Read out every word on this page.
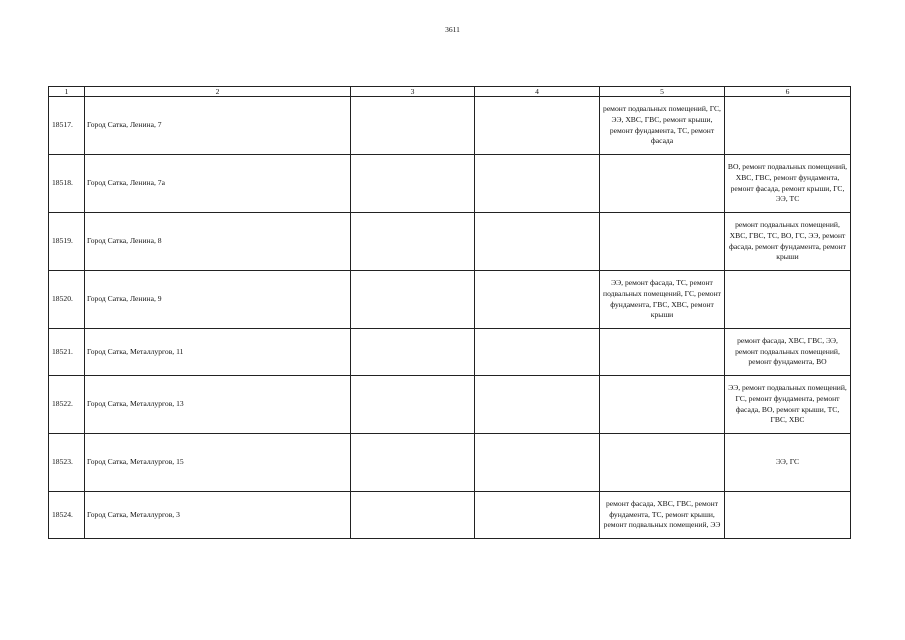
3611
1	2	3	4	5	6
18517.	Город Сатка, Ленина, 7			ремонт подвальных помещений, ГС, ЭЭ, ХВС, ГВС, ремонт крыши, ремонт фундамента, ТС, ремонт фасада	
18518.	Город Сатка, Ленина, 7а				ВО, ремонт подвальных помещений, ХВС, ГВС, ремонт фундамента, ремонт фасада, ремонт крыши, ГС, ЭЭ, ТС
18519.	Город Сатка, Ленина, 8				ремонт подвальных помещений, ХВС, ГВС, ТС, ВО, ГС, ЭЭ, ремонт фасада, ремонт фундамента, ремонт крыши
18520.	Город Сатка, Ленина, 9			ЭЭ, ремонт фасада, ТС, ремонт подвальных помещений, ГС, ремонт фундамента, ГВС, ХВС, ремонт крыши	
18521.	Город Сатка, Металлургов, 11				ремонт фасада, ХВС, ГВС, ЭЭ, ремонт подвальных помещений, ремонт фундамента, ВО
18522.	Город Сатка, Металлургов, 13				ЭЭ, ремонт подвальных помещений, ГС, ремонт фундамента, ремонт фасада, ВО, ремонт крыши, ТС, ГВС, ХВС
18523.	Город Сатка, Металлургов, 15				ЭЭ, ГС
18524.	Город Сатка, Металлургов, 3			ремонт фасада, ХВС, ГВС, ремонт фундамента, ТС, ремонт крыши, ремонт подвальных помещений, ЭЭ	
